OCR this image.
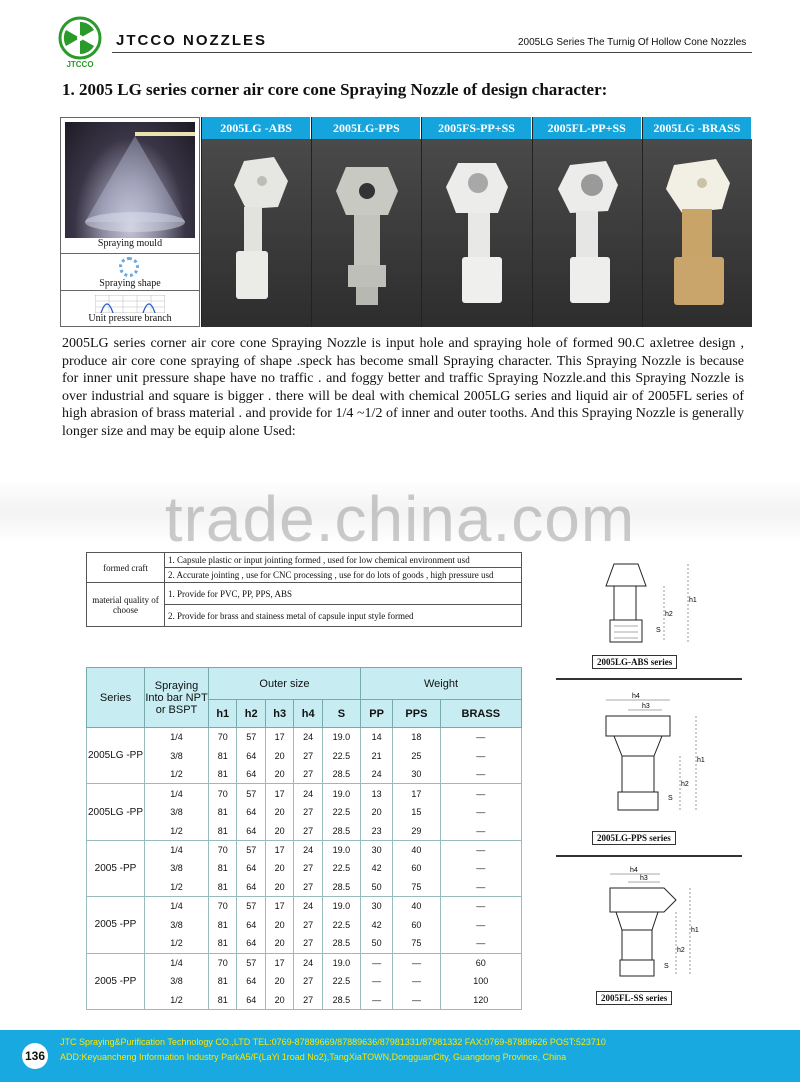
JTCCO
JTCCO NOZZLES	2005LG Series The Turnig Of Hollow Cone Nozzles
1. 2005 LG series corner air core cone Spraying Nozzle of design character:
Spraying mould
Spraying shape
Unit pressure branch
2005LG -ABS	2005LG-PPS	2005FS-PP+SS	2005FL-PP+SS	2005LG -BRASS
2005LG series corner air core cone Spraying Nozzle is input hole and spraying hole of formed 90.C axletree design , produce air core cone spraying of shape .speck has become small Spraying character. This Spraying Nozzle is because for inner unit pressure shape have no traffic . and foggy better and traffic Spraying Nozzle.and this Spraying Nozzle is over industrial and square is bigger . there will be deal with chemical 2005LG series and liquid air of 2005FL series of high abrasion of brass material . and provide for 1/4 ~1/2 of inner and outer tooths. And this Spraying Nozzle is generally longer size and may be equip alone Used:
trade.china.com
formed craft	1. Capsule plastic or input jointing formed , used for low chemical environment usd
	2. Accurate jointing , use for CNC processing , use for do lots of goods , high pressure usd
material quality of choose	1. Provide for PVC, PP, PPS, ABS
	2. Provide for brass and stainess metal of capsule input style formed
Series	Spraying Into bar NPT or BSPT	Outer size					Weight		
		h1	h2	h3	h4	S	PP	PPS	BRASS
2005LG -PP	1/4	70	57	17	24	19.0	14	18	—
	3/8	81	64	20	27	22.5	21	25	—
	1/2	81	64	20	27	28.5	24	30	—
2005LG -PP	1/4	70	57	17	24	19.0	13	17	—
	3/8	81	64	20	27	22.5	20	15	—
	1/2	81	64	20	27	28.5	23	29	—
2005 -PP	1/4	70	57	17	24	19.0	30	40	—
	3/8	81	64	20	27	22.5	42	60	—
	1/2	81	64	20	27	28.5	50	75	—
2005 -PP	1/4	70	57	17	24	19.0	30	40	—
	3/8	81	64	20	27	22.5	42	60	—
	1/2	81	64	20	27	28.5	50	75	—
2005 -PP	1/4	70	57	17	24	19.0	—	—	60
	3/8	81	64	20	27	22.5	—	—	100
	1/2	81	64	20	27	28.5	—	—	120
h1
h2
S
2005LG-ABS series
h4
h3
h1
h2
S
2005LG-PPS series
h4
h3
h1
h2
S
2005FL-SS series
136
JTC Spraying&Purification Technology CO.,LTD TEL:0769-87889669/87889636/87981331/87981332 FAX:0769-87889626 POST:523710
ADD:Keyuancheng Information Industry ParkA5/F(LaYi 1road No2),TangXiaTOWN,DongguanCity, Guangdong Province, China
